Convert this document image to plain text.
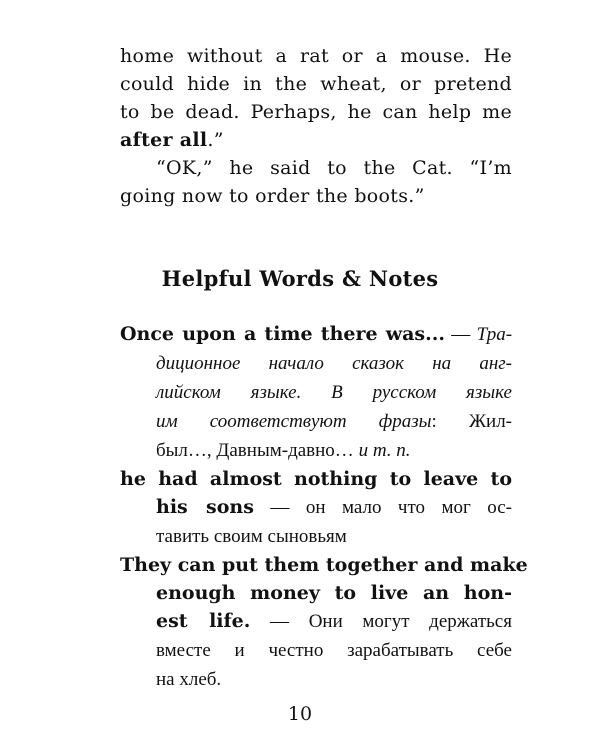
home without a rat or a mouse. He

could hide in the wheat, or pretend

to be dead. Perhaps, he can help me

after all.”

“OK,” he said to the Cat. “I’m

going now to order the boots.”

Helpful Words & Notes
Once upon a time there was... — Тра-
диционное начало сказок на анг-
лийском языке. В русском языке
им соответствуют фразы: Жил-
был…, Давным-давно… и т. п.
he had almost nothing to leave to
his sons — он мало что мог ос-
тавить своим сыновьям
They can put them together and make
enough money to live an hon-
est life. — Они могут держаться
вместе и честно зарабатывать себе
на хлеб.
10
